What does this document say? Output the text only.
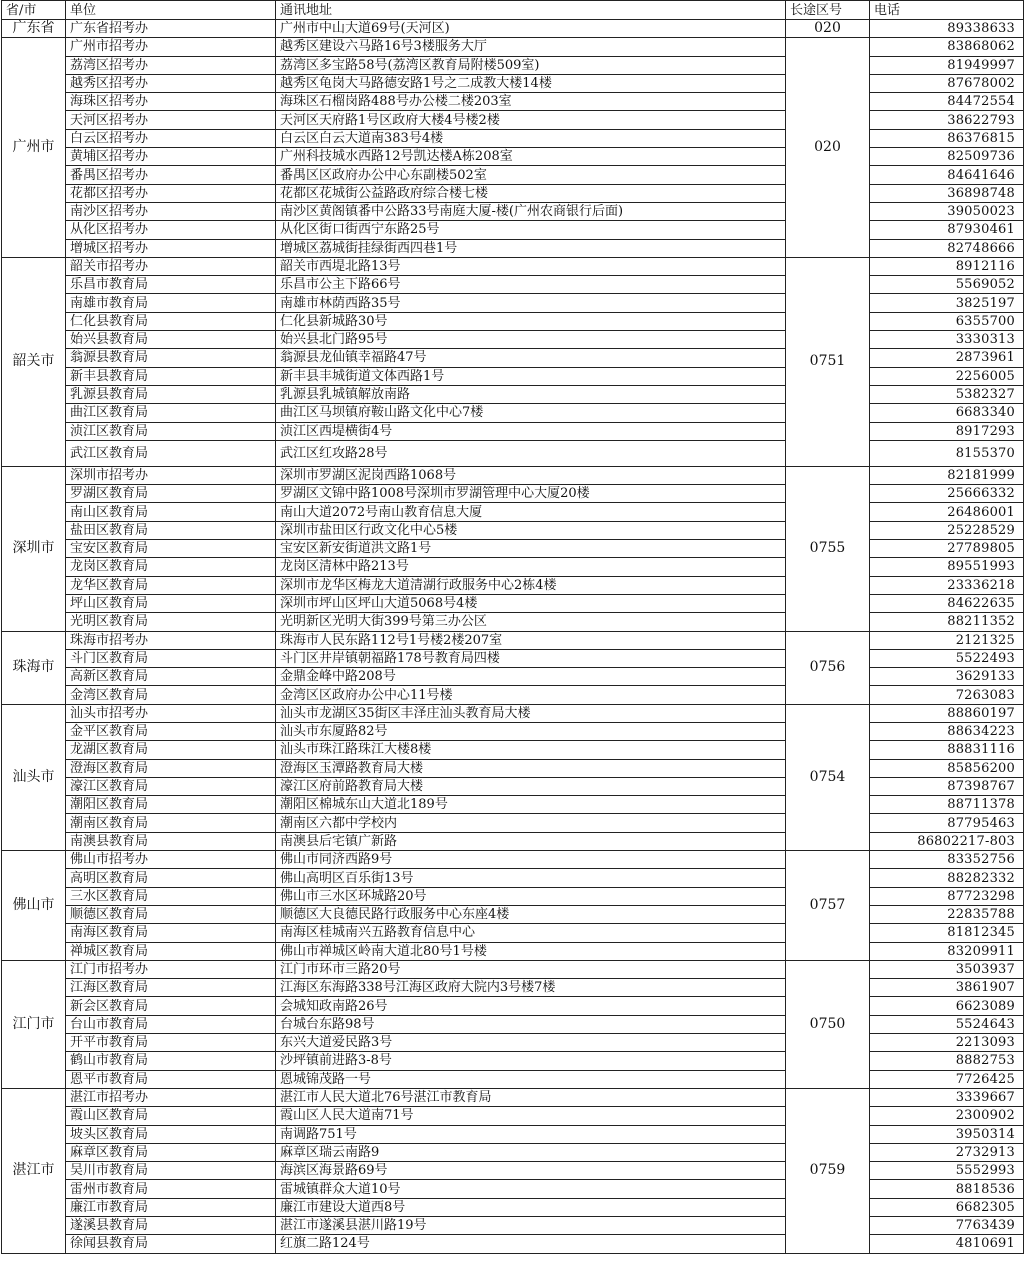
省/市	单位	通讯地址	长途区号	电话
广东省	广东省招考办	广州市中山大道69号(天河区)	020	89338633
广州市	广州市招考办	越秀区建设六马路16号3楼服务大厅	020	83868062
	荔湾区招考办	荔湾区多宝路58号(荔湾区教育局附楼509室)		81949997
	越秀区招考办	越秀区龟岗大马路德安路1号之二成教大楼14楼		87678002
	海珠区招考办	海珠区石榴岗路488号办公楼二楼203室		84472554
	天河区招考办	天河区天府路1号区政府大楼4号楼2楼		38622793
	白云区招考办	白云区白云大道南383号4楼		86376815
	黄埔区招考办	广州科技城水西路12号凯达楼A栋208室		82509736
	番禺区招考办	番禺区区政府办公中心东副楼502室		84641646
	花都区招考办	花都区花城街公益路政府综合楼七楼		36898748
	南沙区招考办	南沙区黄阁镇番中公路33号南庭大厦-楼(广州农商银行后面)		39050023
	从化区招考办	从化区街口街西宁东路25号		87930461
	增城区招考办	增城区荔城街挂绿街西四巷1号		82748666
韶关市	韶关市招考办	韶关市西堤北路13号	0751	8912116
	乐昌市教育局	乐昌市公主下路66号		5569052
	南雄市教育局	南雄市林荫西路35号		3825197
	仁化县教育局	仁化县新城路30号		6355700
	始兴县教育局	始兴县北门路95号		3330313
	翁源县教育局	翁源县龙仙镇幸福路47号		2873961
	新丰县教育局	新丰县丰城街道文体西路1号		2256005
	乳源县教育局	乳源县乳城镇解放南路		5382327
	曲江区教育局	曲江区马坝镇府鞍山路文化中心7楼		6683340
	浈江区教育局	浈江区西堤横街4号		8917293
	武江区教育局	武江区红攻路28号		8155370
深圳市	深圳市招考办	深圳市罗湖区泥岗西路1068号	0755	82181999
	罗湖区教育局	罗湖区文锦中路1008号深圳市罗湖管理中心大厦20楼		25666332
	南山区教育局	南山大道2072号南山教育信息大厦		26486001
	盐田区教育局	深圳市盐田区行政文化中心5楼		25228529
	宝安区教育局	宝安区新安街道洪文路1号		27789805
	龙岗区教育局	龙岗区清林中路213号		89551993
	龙华区教育局	深圳市龙华区梅龙大道清湖行政服务中心2栋4楼		23336218
	坪山区教育局	深圳市坪山区坪山大道5068号4楼		84622635
	光明区教育局	光明新区光明大街399号第三办公区		88211352
珠海市	珠海市招考办	珠海市人民东路112号1号楼2楼207室	0756	2121325
	斗门区教育局	斗门区井岸镇朝福路178号教育局四楼		5522493
	高新区教育局	金鼎金峰中路208号		3629133
	金湾区教育局	金湾区区政府办公中心11号楼		7263083
汕头市	汕头市招考办	汕头市龙湖区35街区丰泽庄汕头教育局大楼	0754	88860197
	金平区教育局	汕头市东厦路82号		88634223
	龙湖区教育局	汕头市珠江路珠江大楼8楼		88831116
	澄海区教育局	澄海区玉潭路教育局大楼		85856200
	濠江区教育局	濠江区府前路教育局大楼		87398767
	潮阳区教育局	潮阳区棉城东山大道北189号		88711378
	潮南区教育局	潮南区六都中学校内		87795463
	南澳县教育局	南澳县后宅镇广新路		86802217-803
佛山市	佛山市招考办	佛山市同济西路9号	0757	83352756
	高明区教育局	佛山高明区百乐街13号		88282332
	三水区教育局	佛山市三水区环城路20号		87723298
	顺德区教育局	顺德区大良德民路行政服务中心东座4楼		22835788
	南海区教育局	南海区桂城南兴五路教育信息中心		81812345
	禅城区教育局	佛山市禅城区岭南大道北80号1号楼		83209911
江门市	江门市招考办	江门市环市三路20号	0750	3503937
	江海区教育局	江海区东海路338号江海区政府大院内3号楼7楼		3861907
	新会区教育局	会城知政南路26号		6623089
	台山市教育局	台城台东路98号		5524643
	开平市教育局	东兴大道爱民路3号		2213093
	鹤山市教育局	沙坪镇前进路3-8号		8882753
	恩平市教育局	恩城锦茂路一号		7726425
湛江市	湛江市招考办	湛江市人民大道北76号湛江市教育局	0759	3339667
	霞山区教育局	霞山区人民大道南71号		2300902
	坡头区教育局	南调路751号		3950314
	麻章区教育局	麻章区瑞云南路9		2732913
	吴川市教育局	海滨区海景路69号		5552993
	雷州市教育局	雷城镇群众大道10号		8818536
	廉江市教育局	廉江市建设大道西8号		6682305
	遂溪县教育局	湛江市遂溪县湛川路19号		7763439
	徐闻县教育局	红旗二路124号		4810691
